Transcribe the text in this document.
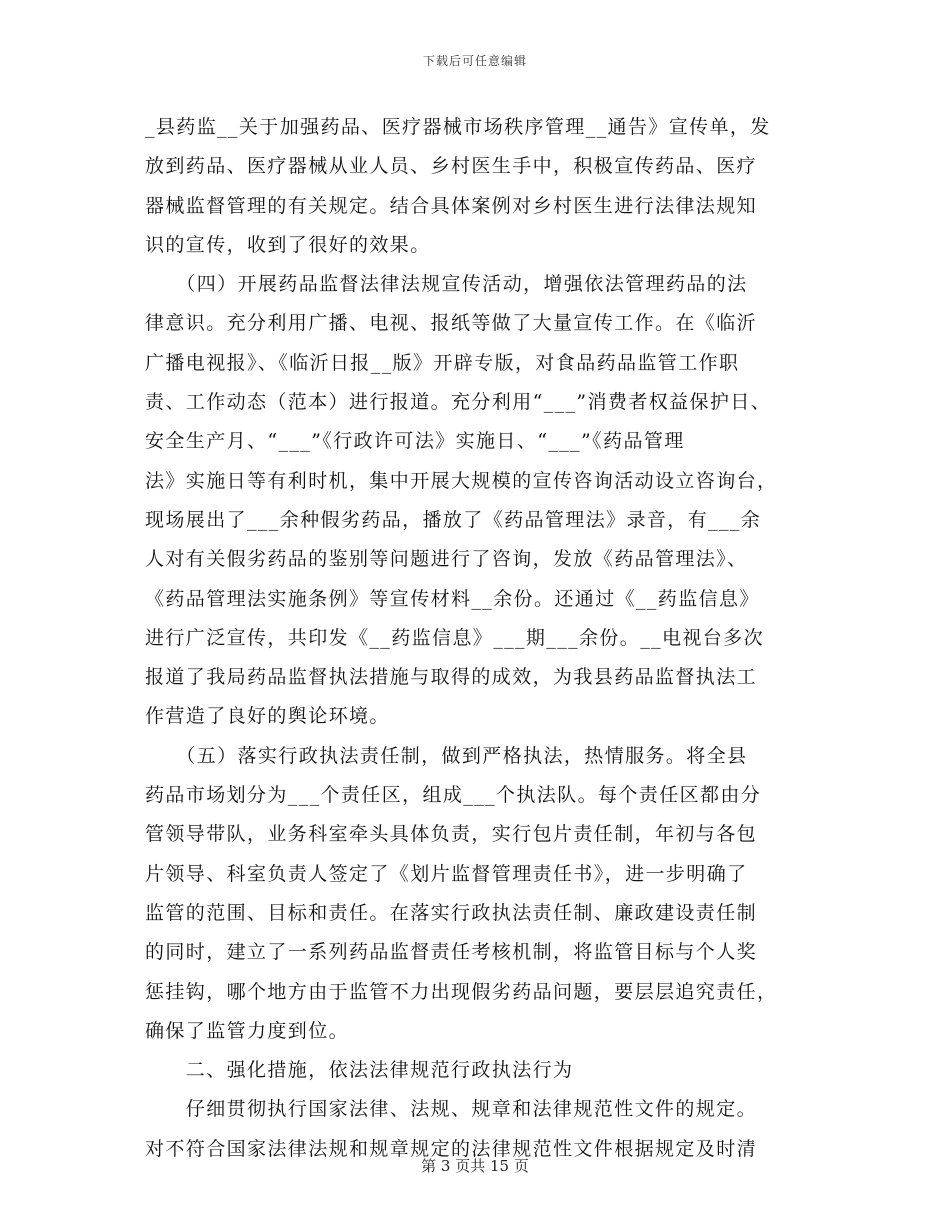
下载后可任意编辑
_县药监__关于加强药品、医疗器械市场秩序管理__通告》宣传单，发
放到药品、医疗器械从业人员、乡村医生手中，积极宣传药品、医疗
器械监督管理的有关规定。结合具体案例对乡村医生进行法律法规知
识的宣传，收到了很好的效果。
　　（四）开展药品监督法律法规宣传活动，增强依法管理药品的法
律意识。充分利用广播、电视、报纸等做了大量宣传工作。在《临沂
广播电视报》、《临沂日报__版》开辟专版，对食品药品监管工作职
责、工作动态（范本）进行报道。充分利用“___”消费者权益保护日、
安全生产月、“___”《行政许可法》实施日、“___”《药品管理
法》实施日等有利时机，集中开展大规模的宣传咨询活动设立咨询台，
现场展出了___余种假劣药品，播放了《药品管理法》录音，有___余
人对有关假劣药品的鉴别等问题进行了咨询，发放《药品管理法》、
《药品管理法实施条例》等宣传材料__余份。还通过《__药监信息》
进行广泛宣传，共印发《__药监信息》___期___余份。__电视台多次
报道了我局药品监督执法措施与取得的成效，为我县药品监督执法工
作营造了良好的舆论环境。
　　（五）落实行政执法责任制，做到严格执法，热情服务。将全县
药品市场划分为___个责任区，组成___个执法队。每个责任区都由分
管领导带队，业务科室牵头具体负责，实行包片责任制，年初与各包
片领导、科室负责人签定了《划片监督管理责任书》，进一步明确了
监管的范围、目标和责任。在落实行政执法责任制、廉政建设责任制
的同时，建立了一系列药品监督责任考核机制，将监管目标与个人奖
惩挂钩，哪个地方由于监管不力出现假劣药品问题，要层层追究责任，
确保了监管力度到位。
　　二、强化措施，依法法律规范行政执法行为
　　仔细贯彻执行国家法律、法规、规章和法律规范性文件的规定。
对不符合国家法律法规和规章规定的法律规范性文件根据规定及时清
第 3 页共 15 页
